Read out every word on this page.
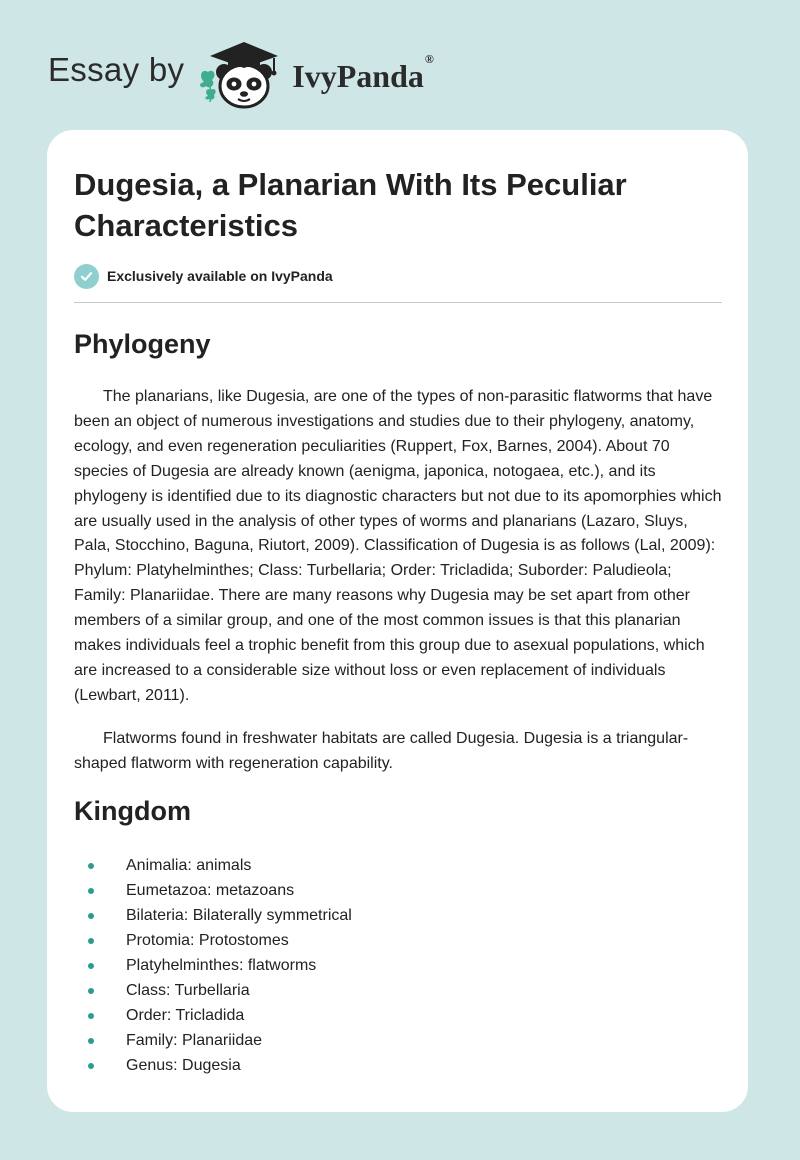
Essay by	IvyPanda®
Dugesia, a Planarian With Its Peculiar Characteristics
Exclusively available on IvyPanda
Phylogeny

The planarians, like Dugesia, are one of the types of non-parasitic flatworms that have been an object of numerous investigations and studies due to their phylogeny, anatomy, ecology, and even regeneration peculiarities (Ruppert, Fox, Barnes, 2004). About 70 species of Dugesia are already known (aenigma, japonica, notogaea, etc.), and its phylogeny is identified due to its diagnostic characters but not due to its apomorphies which are usually used in the analysis of other types of worms and planarians (Lazaro, Sluys, Pala, Stocchino, Baguna, Riutort, 2009). Classification of Dugesia is as follows (Lal, 2009): Phylum: Platyhelminthes; Class: Turbellaria; Order: Tricladida; Suborder: Paludieola; Family: Planariidae. There are many reasons why Dugesia may be set apart from other members of a similar group, and one of the most common issues is that this planarian makes individuals feel a trophic benefit from this group due to asexual populations, which are increased to a considerable size without loss or even replacement of individuals (Lewbart, 2011).

Flatworms found in freshwater habitats are called Dugesia. Dugesia is a triangular-shaped flatworm with regeneration capability.

Kingdom
Animalia: animals
Eumetazoa: metazoans
Bilateria: Bilaterally symmetrical
Protomia: Protostomes
Platyhelminthes: flatworms
Class: Turbellaria
Order: Tricladida
Family: Planariidae
Genus: Dugesia
